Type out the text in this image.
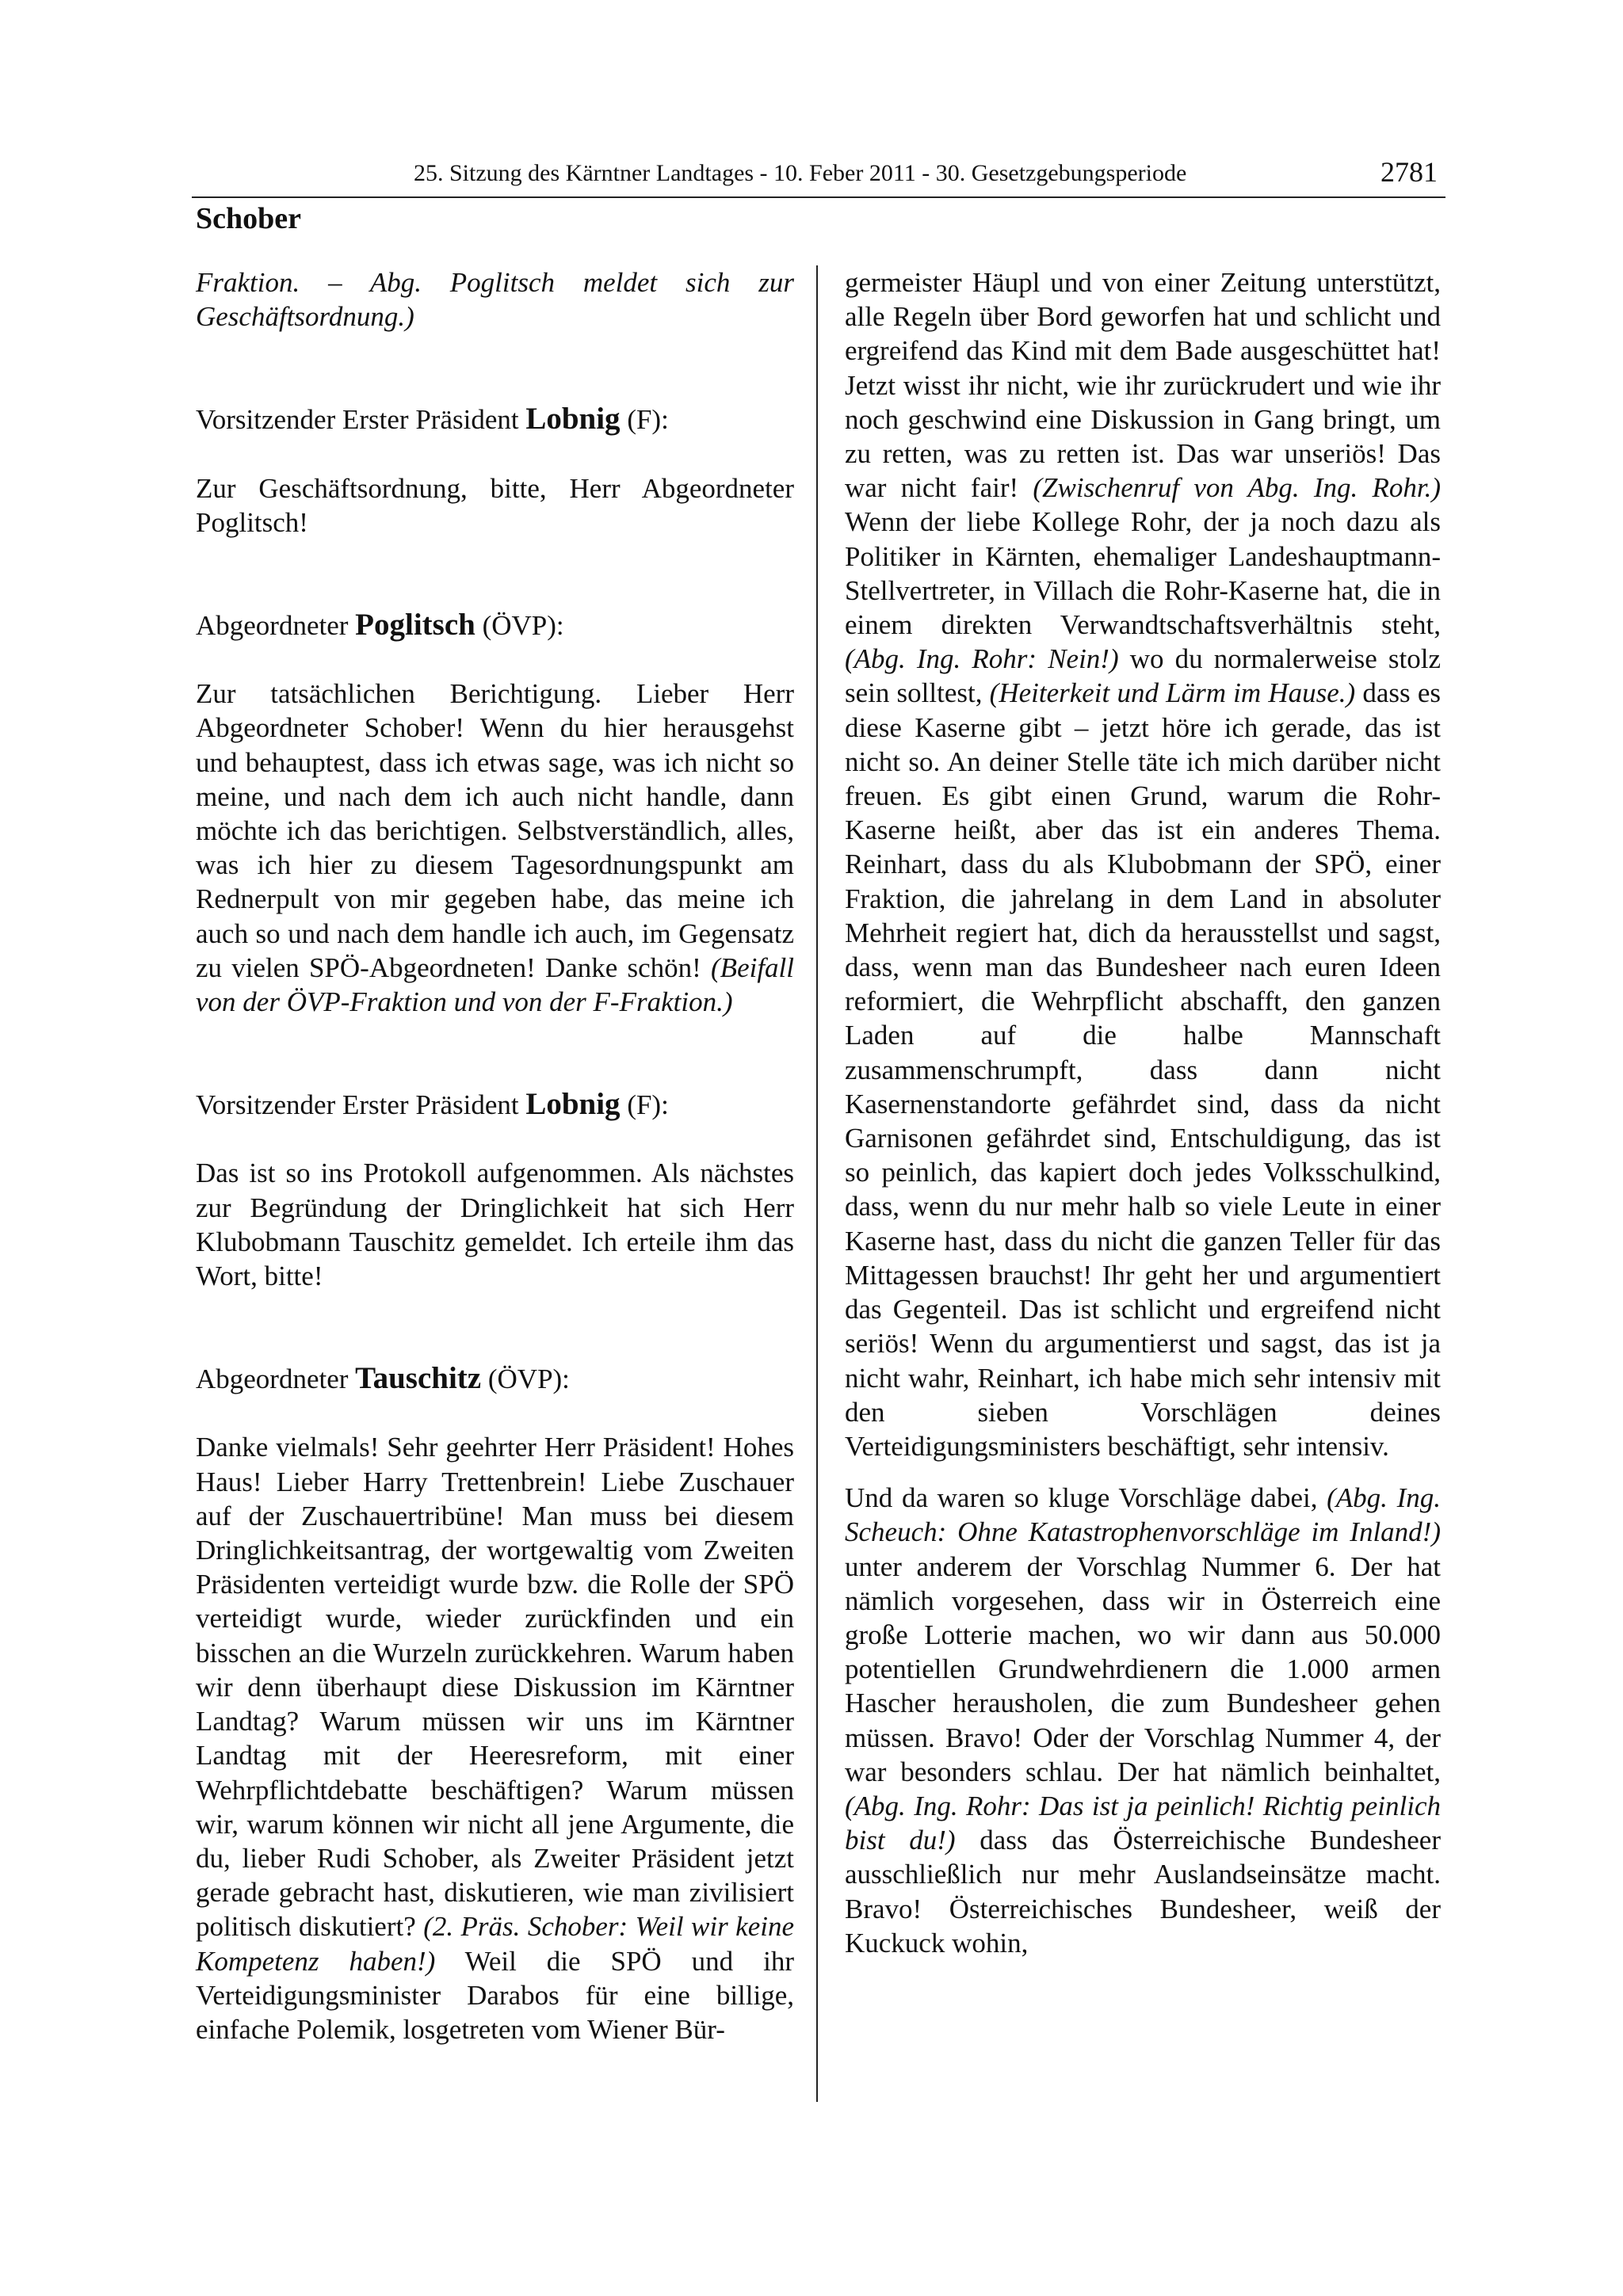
25. Sitzung des Kärntner Landtages - 10. Feber 2011 - 30. Gesetzgebungsperiode	2781
Schober

Fraktion. – Abg. Poglitsch meldet sich zur Geschäftsordnung.)

Vorsitzender Erster Präsident Lobnig (F):

Zur Geschäftsordnung, bitte, Herr Abgeordneter Poglitsch!

Abgeordneter Poglitsch (ÖVP):

Zur tatsächlichen Berichtigung. Lieber Herr Abgeordneter Schober! Wenn du hier herausgehst und behauptest, dass ich etwas sage, was ich nicht so meine, und nach dem ich auch nicht handle, dann möchte ich das berichtigen. Selbstverständlich, alles, was ich hier zu diesem Tagesordnungspunkt am Rednerpult von mir gegeben habe, das meine ich auch so und nach dem handle ich auch, im Gegensatz zu vielen SPÖ-Abgeordneten! Danke schön! (Beifall von der ÖVP-Fraktion und von der F-Fraktion.)

Vorsitzender Erster Präsident Lobnig (F):

Das ist so ins Protokoll aufgenommen. Als nächstes zur Begründung der Dringlichkeit hat sich Herr Klubobmann Tauschitz gemeldet. Ich erteile ihm das Wort, bitte!

Abgeordneter Tauschitz (ÖVP):

Danke vielmals! Sehr geehrter Herr Präsident! Hohes Haus! Lieber Harry Trettenbrein! Liebe Zuschauer auf der Zuschauertribüne! Man muss bei diesem Dringlichkeitsantrag, der wortgewaltig vom Zweiten Präsidenten verteidigt wurde bzw. die Rolle der SPÖ verteidigt wurde, wieder zurückfinden und ein bisschen an die Wurzeln zurückkehren. Warum haben wir denn überhaupt diese Diskussion im Kärntner Landtag? Warum müssen wir uns im Kärntner Landtag mit der Heeresreform, mit einer Wehrpflichtdebatte beschäftigen? Warum müssen wir, warum können wir nicht all jene Argumente, die du, lieber Rudi Schober, als Zweiter Präsident jetzt gerade gebracht hast, diskutieren, wie man zivilisiert politisch diskutiert? (2. Präs. Schober: Weil wir keine Kompetenz haben!) Weil die SPÖ und ihr Verteidigungsminister Darabos für eine billige, einfache Polemik, losgetreten vom Wiener Bür-

germeister Häupl und von einer Zeitung unterstützt, alle Regeln über Bord geworfen hat und schlicht und ergreifend das Kind mit dem Bade ausgeschüttet hat! Jetzt wisst ihr nicht, wie ihr zurückrudert und wie ihr noch geschwind eine Diskussion in Gang bringt, um zu retten, was zu retten ist. Das war unseriös! Das war nicht fair! (Zwischenruf von Abg. Ing. Rohr.) Wenn der liebe Kollege Rohr, der ja noch dazu als Politiker in Kärnten, ehemaliger Landeshauptmann-Stellvertreter, in Villach die Rohr-Kaserne hat, die in einem direkten Verwandtschaftsverhältnis steht, (Abg. Ing. Rohr: Nein!) wo du normalerweise stolz sein solltest, (Heiterkeit und Lärm im Hause.) dass es diese Kaserne gibt – jetzt höre ich gerade, das ist nicht so. An deiner Stelle täte ich mich darüber nicht freuen. Es gibt einen Grund, warum die Rohr-Kaserne heißt, aber das ist ein anderes Thema. Reinhart, dass du als Klubobmann der SPÖ, einer Fraktion, die jahrelang in dem Land in absoluter Mehrheit regiert hat, dich da herausstellst und sagst, dass, wenn man das Bundesheer nach euren Ideen reformiert, die Wehrpflicht abschafft, den ganzen Laden auf die halbe Mannschaft zusammenschrumpft, dass dann nicht Kasernenstandorte gefährdet sind, dass da nicht Garnisonen gefährdet sind, Entschuldigung, das ist so peinlich, das kapiert doch jedes Volksschulkind, dass, wenn du nur mehr halb so viele Leute in einer Kaserne hast, dass du nicht die ganzen Teller für das Mittagessen brauchst! Ihr geht her und argumentiert das Gegenteil. Das ist schlicht und ergreifend nicht seriös! Wenn du argumentierst und sagst, das ist ja nicht wahr, Reinhart, ich habe mich sehr intensiv mit den sieben Vorschlägen deines Verteidigungsministers beschäftigt, sehr intensiv.

Und da waren so kluge Vorschläge dabei, (Abg. Ing. Scheuch: Ohne Katastrophenvorschläge im Inland!) unter anderem der Vorschlag Nummer 6. Der hat nämlich vorgesehen, dass wir in Österreich eine große Lotterie machen, wo wir dann aus 50.000 potentiellen Grundwehrdienern die 1.000 armen Hascher herausholen, die zum Bundesheer gehen müssen. Bravo! Oder der Vorschlag Nummer 4, der war besonders schlau. Der hat nämlich beinhaltet, (Abg. Ing. Rohr: Das ist ja peinlich! Richtig peinlich bist du!) dass das Österreichische Bundesheer ausschließlich nur mehr Auslandseinsätze macht. Bravo! Österreichisches Bundesheer, weiß der Kuckuck wohin,
